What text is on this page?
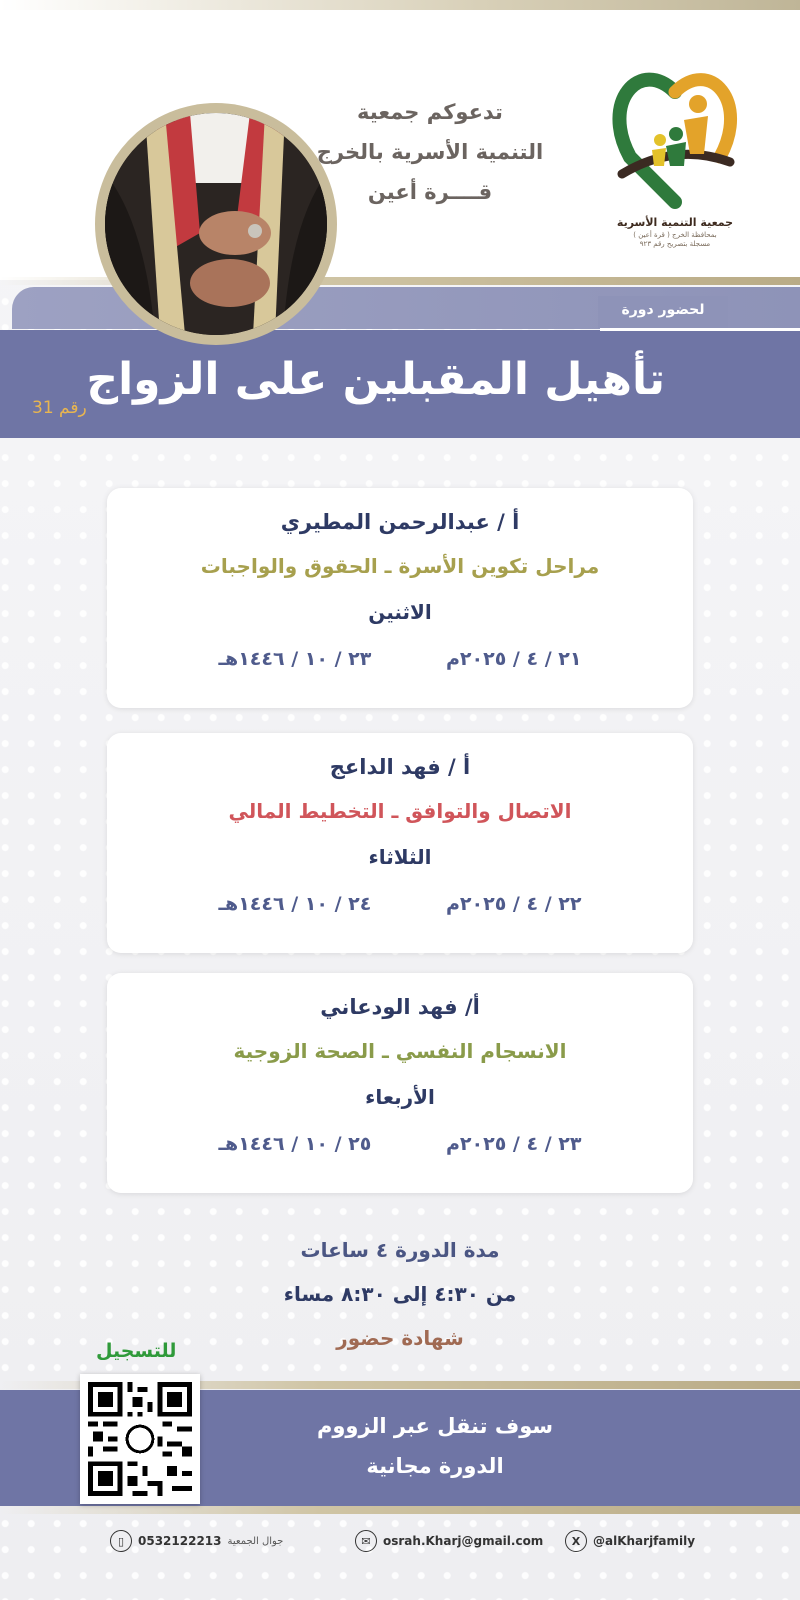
جمعية التنمية الأسرية
بمحافظة الخرج ( قرة أعين )
مسجلة بتصريح رقم ٩٢٣
تدعوكم جمعية
التنمية الأسرية بالخرج
قــــرة أعين
لحضور دورة
تأهيل المقبلين على الزواج
رقم 31
أ / عبدالرحمن المطيري
مراحل تكوين الأسرة ـ الحقوق والواجبات
الاثنين
٢١ / ٤ / ٢٠٢٥م ٢٣ / ١٠ / ١٤٤٦هـ
أ / فهد الداعج
الاتصال والتوافق ـ التخطيط المالي
الثلاثاء
٢٢ / ٤ / ٢٠٢٥م ٢٤ / ١٠ / ١٤٤٦هـ
أ/ فهد الودعاني
الانسجام النفسي ـ الصحة الزوجية
الأربعاء
٢٣ / ٤ / ٢٠٢٥م ٢٥ / ١٠ / ١٤٤٦هـ
مدة الدورة ٤ ساعات
من ٤:٣٠ إلى ٨:٣٠ مساء
شهادة حضور
للتسجيل
سوف تنقل عبر الزووم
الدورة مجانية
▯	0532122213 جوال الجمعية	✉	osrah.Kharj@gmail.com	X	@alKharjfamily
